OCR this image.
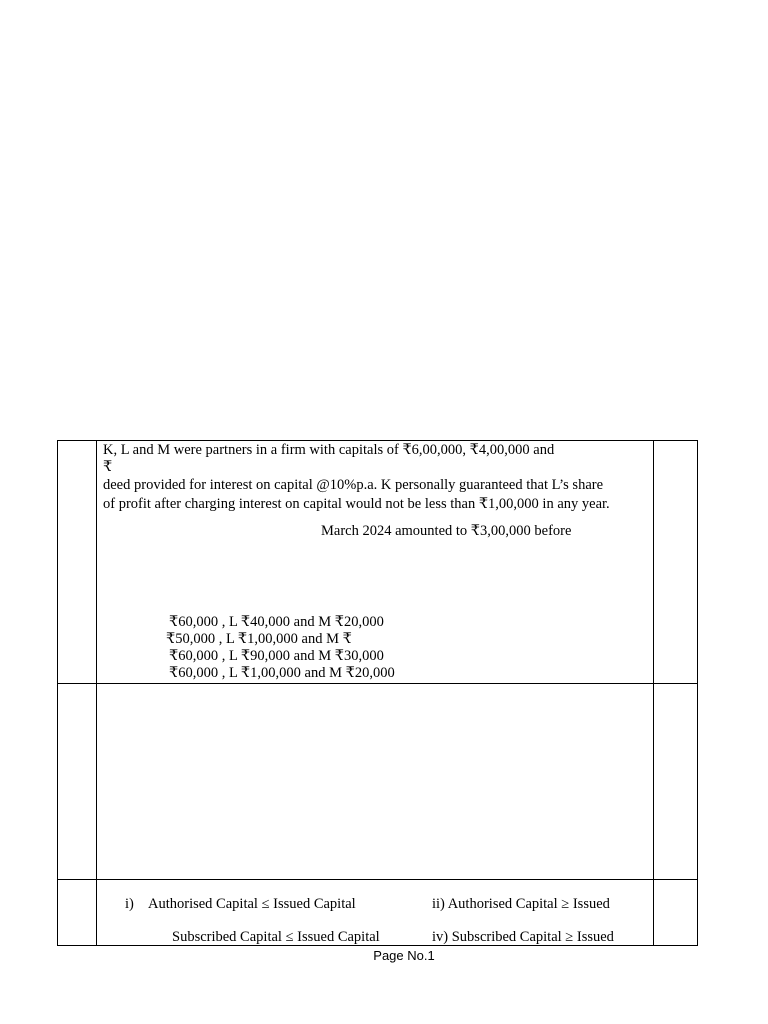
K, L and M were partners in a firm with capitals of ₹6,00,000, ₹4,00,000 and
₹
deed provided for interest on capital @10%p.a. K personally guaranteed that L’s share
of profit after charging interest on capital would not be less than ₹1,00,000 in any year.
March 2024 amounted to ₹3,00,000 before
₹60,000 , L ₹40,000 and M ₹20,000
₹50,000 , L ₹1,00,000 and M ₹
₹60,000 , L ₹90,000 and M ₹30,000
₹60,000 , L ₹1,00,000 and M ₹20,000
i) Authorised Capital ≤ Issued Capital	ii) Authorised Capital ≥ Issued
Subscribed Capital ≤ Issued Capital	iv) Subscribed Capital ≥ Issued
Page No.1
